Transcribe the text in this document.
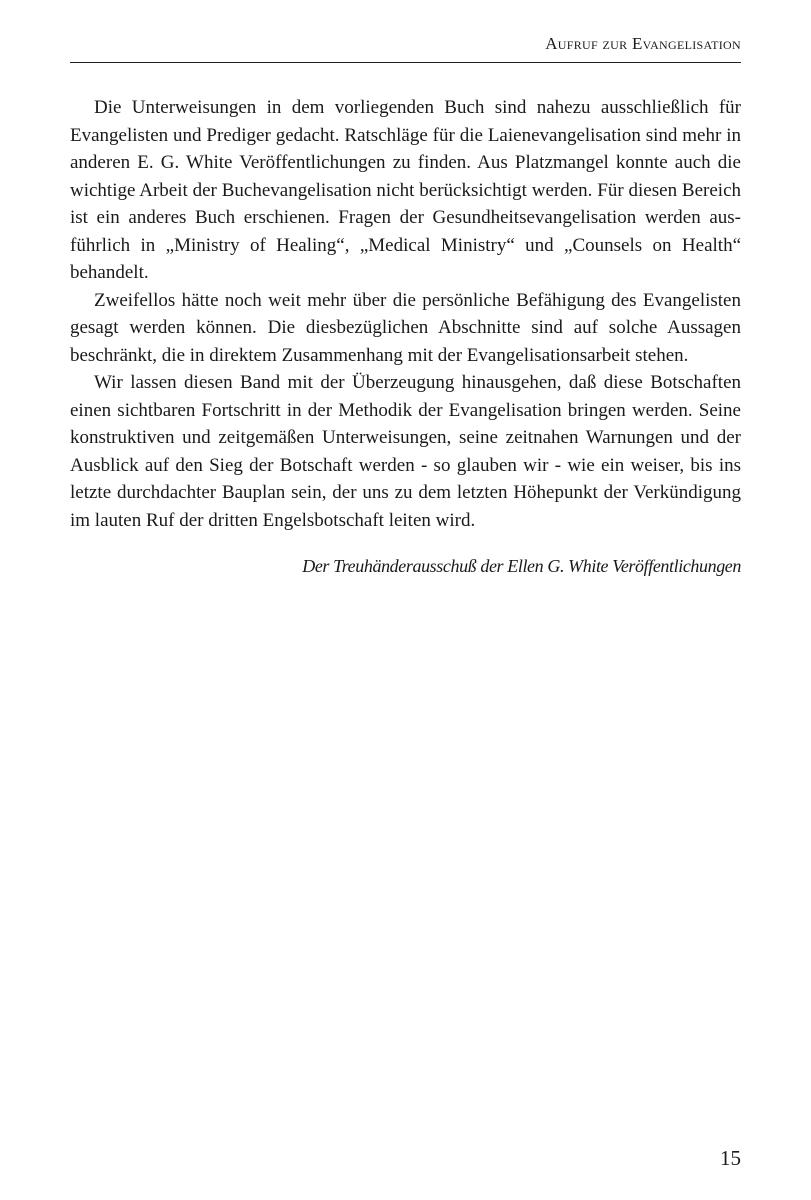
Aufruf zur Evangelisation

Die Unterweisungen in dem vorliegenden Buch sind nahezu ausschließlich für Evangelisten und Prediger gedacht. Ratschläge für die Laienevangelisation sind mehr in anderen E. G. White Veröffentlichungen zu finden. Aus Platzmangel konnte auch die wichtige Arbeit der Buchevangelisation nicht berücksichtigt werden. Für diesen Bereich ist ein anderes Buch erschienen. Fragen der Gesundheitsevangelisation werden ausführlich in „Ministry of Healing“, „Medical Ministry“ und „Counsels on Health“ behandelt.

Zweifellos hätte noch weit mehr über die persönliche Befähigung des Evangelisten gesagt werden können. Die diesbezüglichen Abschnitte sind auf solche Aussagen beschränkt, die in direktem Zusammenhang mit der Evangelisationsarbeit stehen.

Wir lassen diesen Band mit der Überzeugung hinausgehen, daß diese Botschaften einen sichtbaren Fortschritt in der Methodik der Evangelisation bringen werden. Seine konstruktiven und zeitgemäßen Unterweisungen, seine zeitnahen Warnungen und der Ausblick auf den Sieg der Botschaft werden - so glauben wir - wie ein weiser, bis ins letzte durchdachter Bauplan sein, der uns zu dem letzten Höhepunkt der Verkündigung im lauten Ruf der dritten Engelsbotschaft leiten wird.

Der Treuhänderausschuß der Ellen G. White Veröffentlichungen

15
